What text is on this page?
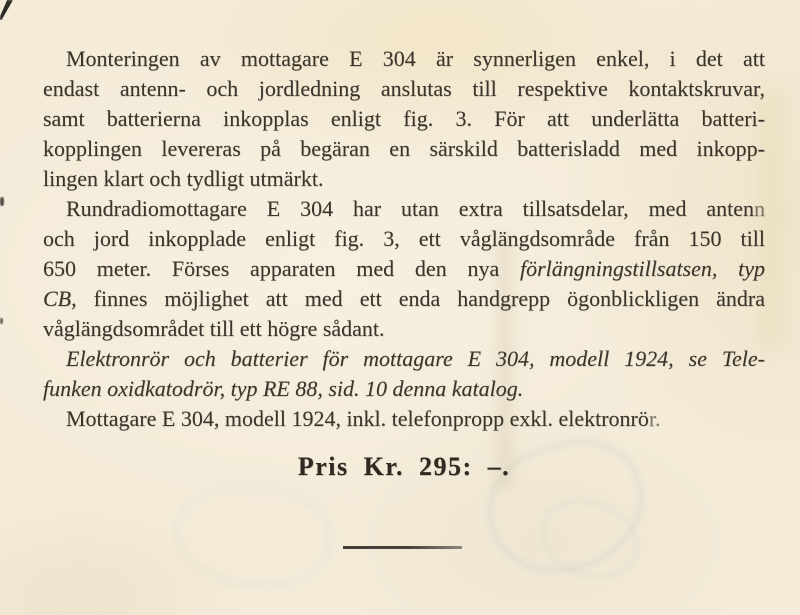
Monteringen av mottagare E 304 är synnerligen enkel, i det att
endast antenn- och jordledning anslutas till respektive kontaktskruvar,
samt batterierna inkopplas enligt fig. 3. För att underlätta batteri-
kopplingen levereras på begäran en särskild batterisladd med inkopp-
lingen klart och tydligt utmärkt.
Rundradiomottagare E 304 har utan extra tillsatsdelar, med antenn
och jord inkopplade enligt fig. 3, ett våglängdsområde från 150 till
650 meter. Förses apparaten med den nya förlängningstillsatsen, typ
CB, finnes möjlighet att med ett enda handgrepp ögonblickligen ändra
våglängdsområdet till ett högre sådant.
Elektronrör och batterier för mottagare E 304, modell 1924, se Tele-
funken oxidkatodrör, typ RE 88, sid. 10 denna katalog.
Mottagare E 304, modell 1924, inkl. telefonpropp exkl. elektronrör.
Pris Kr. 295: –.
